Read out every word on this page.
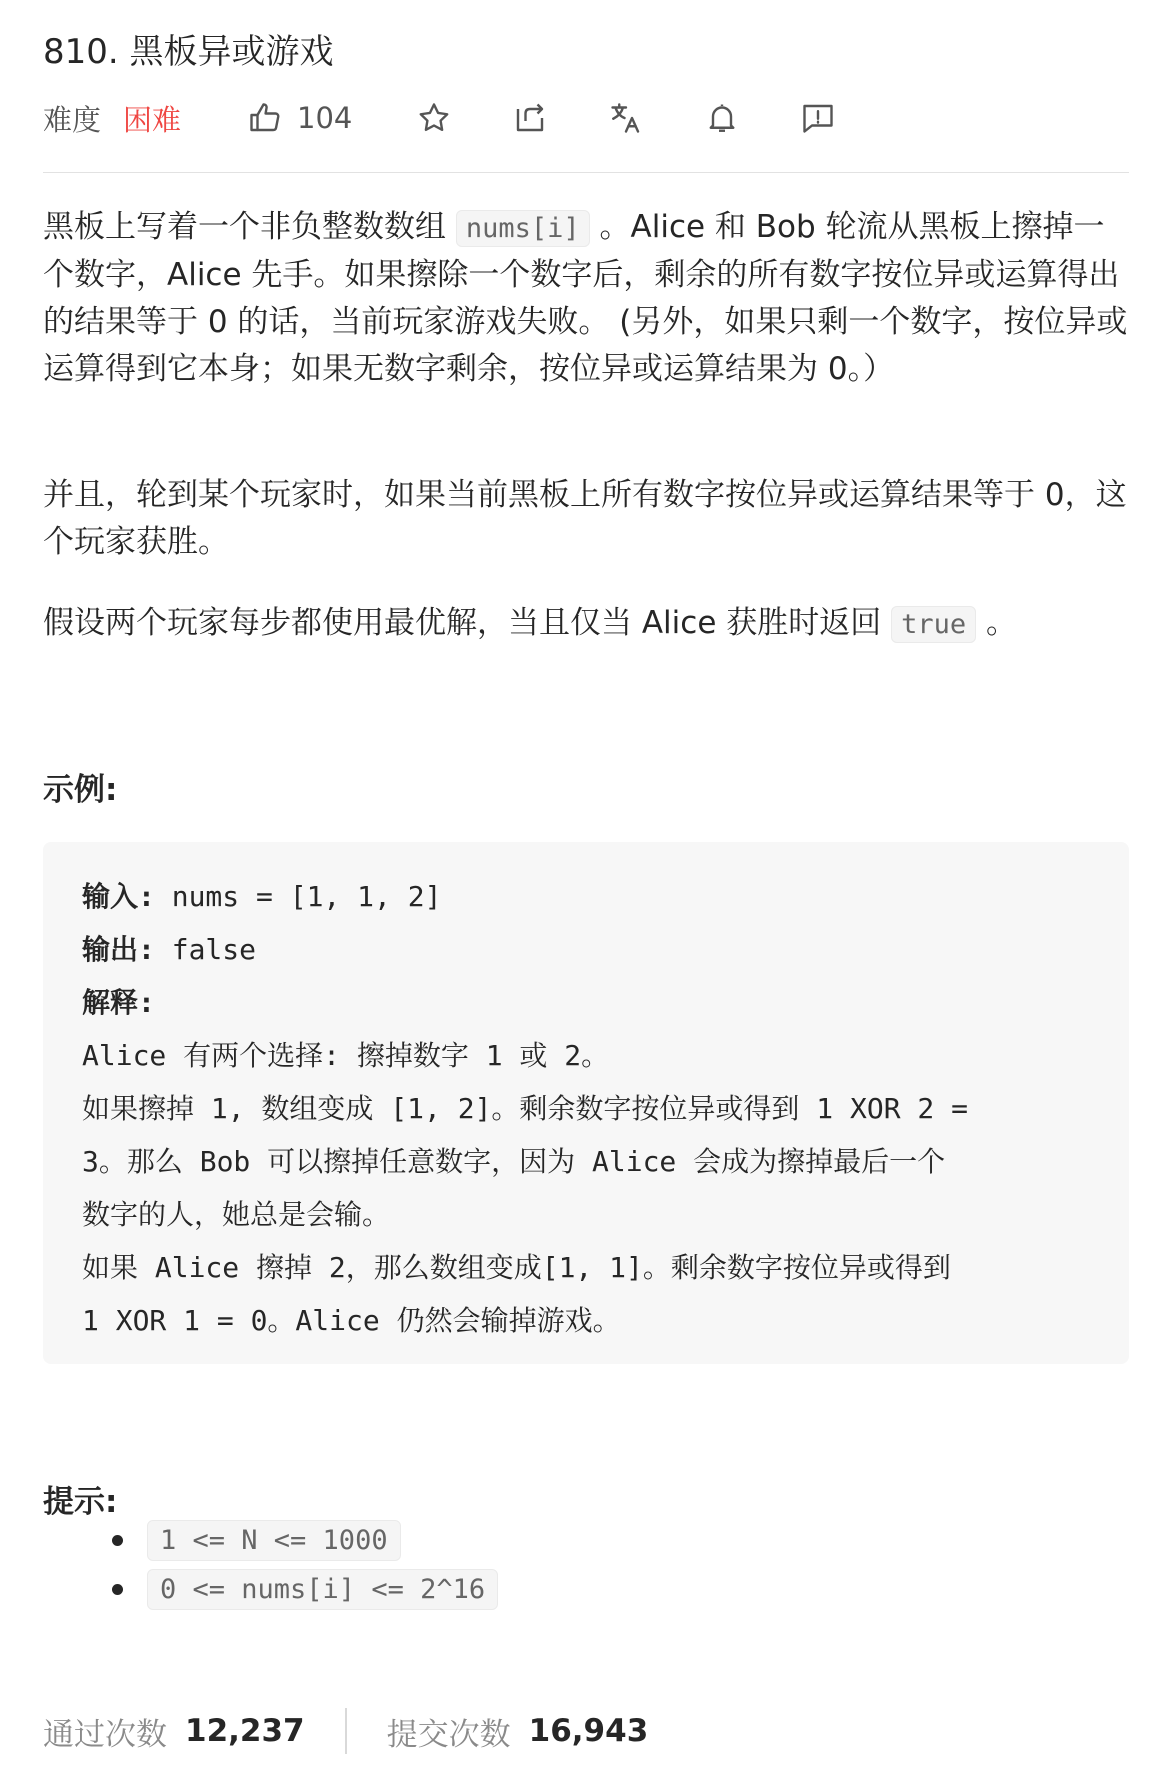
810. 黑板异或游戏
难度 困难	104
黑板上写着一个非负整数数组 nums[i] 。Alice 和 Bob 轮流从黑板上擦掉一个数字，Alice 先手。如果擦除一个数字后，剩余的所有数字按位异或运算得出的结果等于 0 的话，当前玩家游戏失败。 (另外，如果只剩一个数字，按位异或运算得到它本身；如果无数字剩余，按位异或运算结果为 0。）
并且，轮到某个玩家时，如果当前黑板上所有数字按位异或运算结果等于 0，这个玩家获胜。
假设两个玩家每步都使用最优解，当且仅当 Alice 获胜时返回 true 。
示例:
输入: nums = [1, 1, 2]
输出: false
解释:
Alice 有两个选择: 擦掉数字 1 或 2。
如果擦掉 1, 数组变成 [1, 2]。剩余数字按位异或得到 1 XOR 2 =
3。那么 Bob 可以擦掉任意数字，因为 Alice 会成为擦掉最后一个
数字的人，她总是会输。
如果 Alice 擦掉 2，那么数组变成[1, 1]。剩余数字按位异或得到
1 XOR 1 = 0。Alice 仍然会输掉游戏。
提示:
1 <= N <= 1000
0 <= nums[i] <= 2^16
通过次数 12,237	提交次数 16,943
